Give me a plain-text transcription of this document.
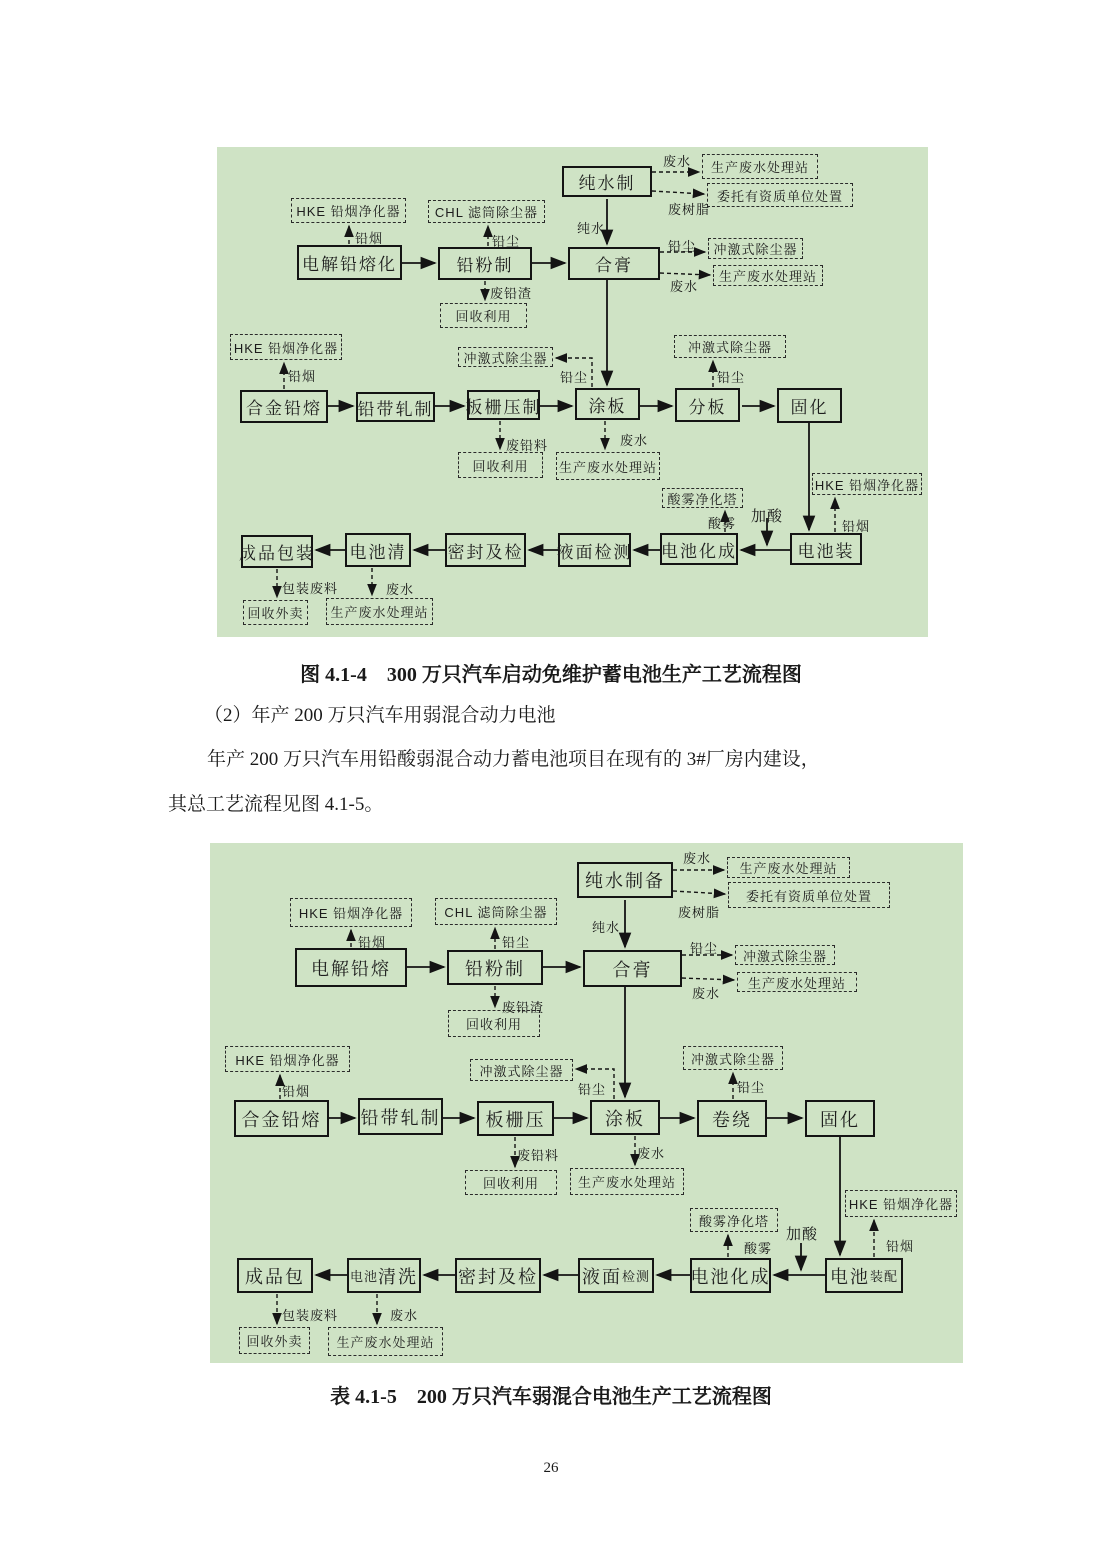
纯水制
合膏
电解铅熔化	铅粉制
合金铅熔	铅带轧制 板栅压制	涂板	分板	固化
成品包装 电池清 密封及检 液面检测 电池化成	电池装
生产废水处理站
委托有资质单位处置
冲激式除尘器
生产废水处理站
HKE 铅烟净化器	CHL 滤筒除尘器
回收利用
HKE 铅烟净化器
冲激式除尘器
冲激式除尘器
回收利用	生产废水处理站
HKE 铅烟净化器
酸雾净化塔
回收外卖	生产废水处理站
废水
废树脂
纯水
铅尘
废水
铅烟	铅尘
废铅渣
铅烟	铅尘	铅尘
废铅料	废水
酸雾 加酸
铅烟
包装废料	废水
图 4.1-4　300 万只汽车启动免维护蓄电池生产工艺流程图
（2）年产 200 万只汽车用弱混合动力电池
年产 200 万只汽车用铅酸弱混合动力蓄电池项目在现有的 3#厂房内建设，
其总工艺流程见图 4.1-5。
纯水制备
合膏
电解铅熔	铅粉制
合金铅熔	铅带轧制	板栅压	涂板	卷绕	固化
成品包	电池 清洗 密封及检 液面 检测 电池化成	电池 装配
生产废水处理站
委托有资质单位处置
冲激式除尘器
生产废水处理站
HKE 铅烟净化器	CHL 滤筒除尘器
回收利用
HKE 铅烟净化器
冲激式除尘器
冲激式除尘器
回收利用	生产废水处理站
HKE 铅烟净化器
酸雾净化塔
回收外卖	生产废水处理站
废水
废树脂
纯水
铅尘
废水
铅烟	铅尘
废铅渣
铅烟	铅尘	铅尘
废铅料	废水
酸雾
加酸
铅烟
包装废料	废水
表 4.1-5　200 万只汽车弱混合电池生产工艺流程图
26
